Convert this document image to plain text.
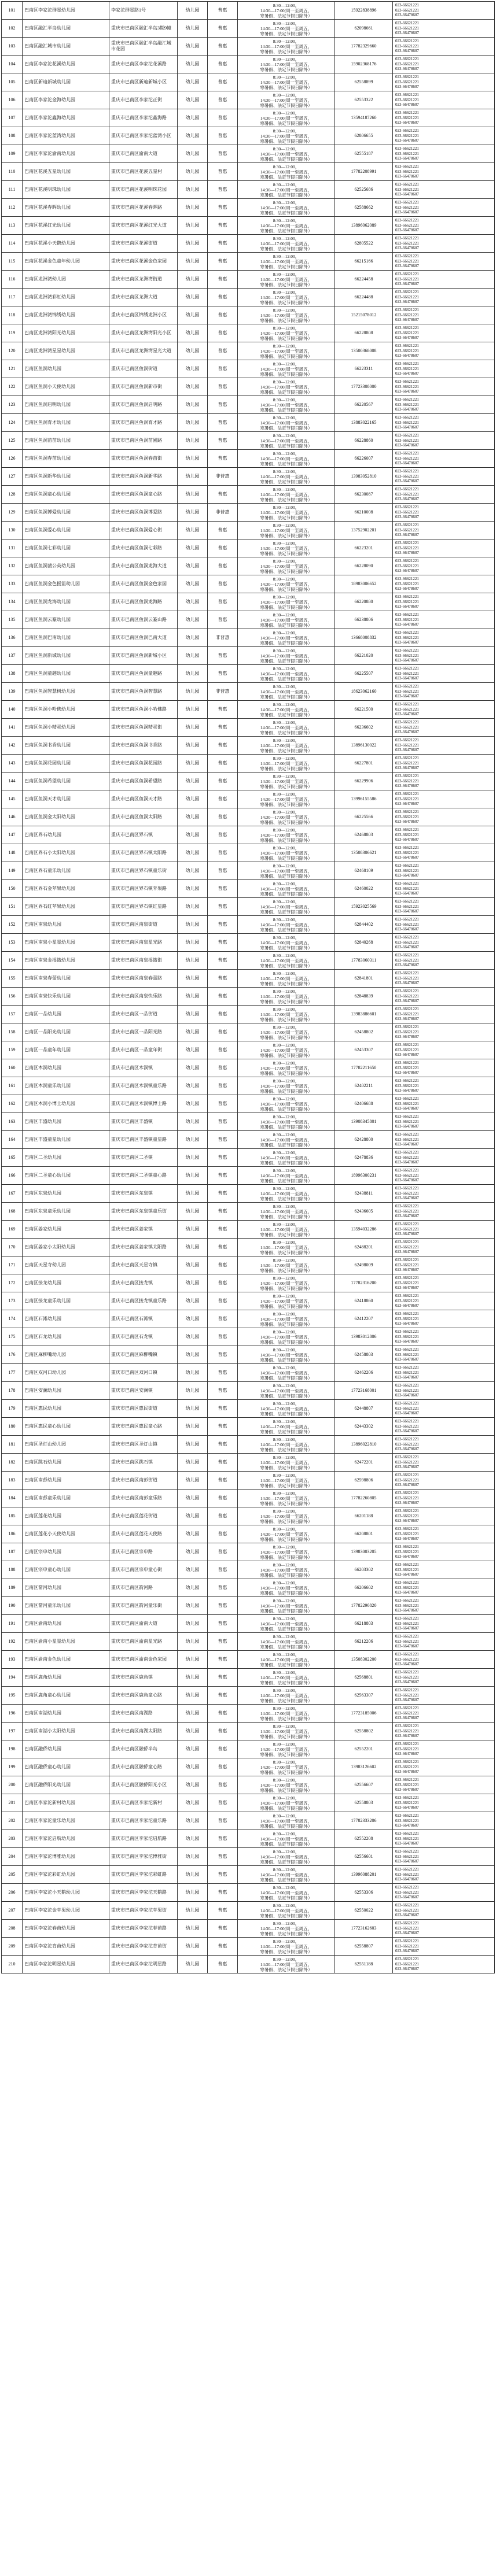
101	巴南区李家沱群星幼儿园	李家沱群星路1号	幼儿园	普惠	8:30—12:00，
14:30—17:00(周一至周五，
寒暑假、法定节假日除外）	15922838896	023-66621221
023-66621221
023-66478607

102	巴南区融汇半岛幼儿园	重庆市巴南区融汇半岛3期9幢	幼儿园	普惠	8:30—12:00，
14:30—17:00(周一至周五，
寒暑假、法定节假日除外）	62098661	023-66621221
023-66621221
023-66478607

103	巴南区融汇城市幼儿园	重庆市巴南区融汇半岛融汇城市花园	幼儿园	普惠	8:30—12:00，
14:30—17:00(周一至周五，
寒暑假、法定节假日除外）	17782329660	023-66621221
023-66621221
023-66478607

104	巴南区李家沱花溪幼儿园	重庆市巴南区李家沱花溪路	幼儿园	普惠	8:30—12:00，
14:30—17:00(周一至周五，
寒暑假、法定节假日除外）	15902368176	023-66621221
023-66621221
023-66478607

105	巴南区新迪新城幼儿园	重庆市巴南区新迪新城小区	幼儿园	普惠	8:30—12:00，
14:30—17:00(周一至周五，
寒暑假、法定节假日除外）	62558899	023-66621221
023-66621221
023-66478607

106	巴南区李家沱金海幼儿园	重庆市巴南区李家沱正街	幼儿园	普惠	8:30—12:00，
14:30—17:00(周一至周五，
寒暑假、法定节假日除外）	62553322	023-66621221
023-66621221
023-66478607

107	巴南区李家沱鑫海幼儿园	重庆市巴南区李家沱鑫海路	幼儿园	普惠	8:30—12:00，
14:30—17:00(周一至周五，
寒暑假、法定节假日除外）	13594187260	023-66621221
023-66621221
023-66478607

108	巴南区李家沱蓝湾幼儿园	重庆市巴南区李家沱蓝湾小区	幼儿园	普惠	8:30—12:00，
14:30—17:00(周一至周五，
寒暑假、法定节假日除外）	62806655	023-66621221
023-66621221
023-66478607

109	巴南区李家沱渝南幼儿园	重庆市巴南区渝南大道	幼儿园	普惠	8:30—12:00，
14:30—17:00(周一至周五，
寒暑假、法定节假日除外）	62555187	023-66621221
023-66621221
023-66478607

110	巴南区花溪五星幼儿园	重庆市巴南区花溪五星村	幼儿园	普惠	8:30—12:00，
14:30—17:00(周一至周五，
寒暑假、法定节假日除外）	17782208991	023-66621221
023-66621221
023-66478607

111	巴南区花溪明珠幼儿园	重庆市巴南区花溪明珠花园	幼儿园	普惠	8:30—12:00，
14:30—17:00(周一至周五，
寒暑假、法定节假日除外）	62525686	023-66621221
023-66621221
023-66478607

112	巴南区花溪春晖幼儿园	重庆市巴南区花溪春晖路	幼儿园	普惠	8:30—12:00，
14:30—17:00(周一至周五，
寒暑假、法定节假日除外）	62588662	023-66621221
023-66621221
023-66478607

113	巴南区花溪红光幼儿园	重庆市巴南区花溪红光大道	幼儿园	普惠	8:30—12:00，
14:30—17:00(周一至周五，
寒暑假、法定节假日除外）	13896062089	023-66621221
023-66621221
023-66478607

114	巴南区花溪小天鹅幼儿园	重庆市巴南区花溪街道	幼儿园	普惠	8:30—12:00，
14:30—17:00(周一至周五，
寒暑假、法定节假日除外）	62805522	023-66621221
023-66621221
023-66478607

115	巴南区花溪金色童年幼儿园	重庆市巴南区花溪金色家园	幼儿园	普惠	8:30—12:00，
14:30—17:00(周一至周五，
寒暑假、法定节假日除外）	66215166	023-66621221
023-66621221
023-66478607

116	巴南区龙洲湾幼儿园	重庆市巴南区龙洲湾街道	幼儿园	普惠	8:30—12:00，
14:30—17:00(周一至周五，
寒暑假、法定节假日除外）	66224458	023-66621221
023-66621221
023-66478607

117	巴南区龙洲湾彩虹幼儿园	重庆市巴南区龙洲大道	幼儿园	普惠	8:30—12:00，
14:30—17:00(周一至周五，
寒暑假、法定节假日除外）	66224488	023-66621221
023-66621221
023-66478607

118	巴南区龙洲湾锦绣幼儿园	重庆市巴南区锦绣龙洲小区	幼儿园	普惠	8:30—12:00，
14:30—17:00(周一至周五，
寒暑假、法定节假日除外）	15215078012	023-66621221
023-66621221
023-66478607

119	巴南区龙洲湾阳光幼儿园	重庆市巴南区龙洲湾阳光小区	幼儿园	普惠	8:30—12:00，
14:30—17:00(周一至周五，
寒暑假、法定节假日除外）	66228808	023-66621221
023-66621221
023-66478607

120	巴南区龙洲湾星星幼儿园	重庆市巴南区龙洲湾星光大道	幼儿园	普惠	8:30—12:00，
14:30—17:00(周一至周五，
寒暑假、法定节假日除外）	13500368008	023-66621221
023-66621221
023-66478607

121	巴南区鱼洞幼儿园	重庆市巴南区鱼洞街道	幼儿园	普惠	8:30—12:00，
14:30—17:00(周一至周五，
寒暑假、法定节假日除外）	66223311	023-66621221
023-66621221
023-66478607

122	巴南区鱼洞小天使幼儿园	重庆市巴南区鱼洞新市街	幼儿园	普惠	8:30—12:00，
14:30—17:00(周一至周五，
寒暑假、法定节假日除外）	17723308000	023-66621221
023-66621221
023-66478607

123	巴南区鱼洞启明幼儿园	重庆市巴南区鱼洞启明路	幼儿园	普惠	8:30—12:00，
14:30—17:00(周一至周五，
寒暑假、法定节假日除外）	66220567	023-66621221
023-66621221
023-66478607

124	巴南区鱼洞育才幼儿园	重庆市巴南区鱼洞育才路	幼儿园	普惠	8:30—12:00，
14:30—17:00(周一至周五，
寒暑假、法定节假日除外）	13883022165	023-66621221
023-66621221
023-66478607

125	巴南区鱼洞苗苗幼儿园	重庆市巴南区鱼洞苗圃路	幼儿园	普惠	8:30—12:00，
14:30—17:00(周一至周五，
寒暑假、法定节假日除外）	66228860	023-66621221
023-66621221
023-66478607

126	巴南区鱼洞春苗幼儿园	重庆市巴南区鱼洞春苗街	幼儿园	普惠	8:30—12:00，
14:30—17:00(周一至周五，
寒暑假、法定节假日除外）	66226007	023-66621221
023-66621221
023-66478607

127	巴南区鱼洞新华幼儿园	重庆市巴南区鱼洞新华路	幼儿园	非普惠	8:30—12:00，
14:30—17:00(周一至周五，
寒暑假、法定节假日除外）	13983052810	023-66621221
023-66621221
023-66478607

128	巴南区鱼洞童心幼儿园	重庆市巴南区鱼洞童心路	幼儿园	普惠	8:30—12:00，
14:30—17:00(周一至周五，
寒暑假、法定节假日除外）	66230087	023-66621221
023-66621221
023-66478607

129	巴南区鱼洞博爱幼儿园	重庆市巴南区鱼洞博爱路	幼儿园	非普惠	8:30—12:00，
14:30—17:00(周一至周五，
寒暑假、法定节假日除外）	66210008	023-66621221
023-66621221
023-66478607

130	巴南区鱼洞爱心幼儿园	重庆市巴南区鱼洞爱心街	幼儿园	普惠	8:30—12:00，
14:30—17:00(周一至周五，
寒暑假、法定节假日除外）	13752902201	023-66621221
023-66621221
023-66478607

131	巴南区鱼洞七彩幼儿园	重庆市巴南区鱼洞七彩路	幼儿园	普惠	8:30—12:00，
14:30—17:00(周一至周五，
寒暑假、法定节假日除外）	66223201	023-66621221
023-66621221
023-66478607

132	巴南区鱼洞蒲公英幼儿园	重庆市巴南区鱼洞龙海大道	幼儿园	普惠	8:30—12:00，
14:30—17:00(周一至周五，
寒暑假、法定节假日除外）	66228090	023-66621221
023-66621221
023-66478607

133	巴南区鱼洞金色摇篮幼儿园	重庆市巴南区鱼洞金色家园	幼儿园	普惠	8:30—12:00，
14:30—17:00(周一至周五，
寒暑假、法定节假日除外）	18983006652	023-66621221
023-66621221
023-66478607

134	巴南区鱼洞龙海幼儿园	重庆市巴南区鱼洞龙海路	幼儿园	普惠	8:30—12:00，
14:30—17:00(周一至周五，
寒暑假、法定节假日除外）	66220880	023-66621221
023-66621221
023-66478607

135	巴南区鱼洞云篆幼儿园	重庆市巴南区鱼洞云篆山路	幼儿园	普惠	8:30—12:00，
14:30—17:00(周一至周五，
寒暑假、法定节假日除外）	66238806	023-66621221
023-66621221
023-66478607

136	巴南区鱼洞巴南幼儿园	重庆市巴南区鱼洞巴南大道	幼儿园	非普惠	8:30—12:00，
14:30—17:00(周一至周五，
寒暑假、法定节假日除外）	13668008832	023-66621221
023-66621221
023-66478607

137	巴南区鱼洞新城幼儿园	重庆市巴南区鱼洞新城小区	幼儿园	普惠	8:30—12:00，
14:30—17:00(周一至周五，
寒暑假、法定节假日除外）	66221020	023-66621221
023-66621221
023-66478607

138	巴南区鱼洞童趣幼儿园	重庆市巴南区鱼洞童趣路	幼儿园	普惠	8:30—12:00，
14:30—17:00(周一至周五，
寒暑假、法定节假日除外）	66225507	023-66621221
023-66621221
023-66478607

139	巴南区鱼洞智慧树幼儿园	重庆市巴南区鱼洞智慧路	幼儿园	非普惠	8:30—12:00，
14:30—17:00(周一至周五，
寒暑假、法定节假日除外）	18623062160	023-66621221
023-66621221
023-66478607

140	巴南区鱼洞小哈佛幼儿园	重庆市巴南区鱼洞小哈佛路	幼儿园	普惠	8:30—12:00，
14:30—17:00(周一至周五，
寒暑假、法定节假日除外）	66221500	023-66621221
023-66621221
023-66478607

141	巴南区鱼洞小精灵幼儿园	重庆市巴南区鱼洞精灵街	幼儿园	普惠	8:30—12:00，
14:30—17:00(周一至周五，
寒暑假、法定节假日除外）	66236602	023-66621221
023-66621221
023-66478607

142	巴南区鱼洞书香幼儿园	重庆市巴南区鱼洞书香路	幼儿园	普惠	8:30—12:00，
14:30—17:00(周一至周五，
寒暑假、法定节假日除外）	13896130022	023-66621221
023-66621221
023-66478607

143	巴南区鱼洞花园幼儿园	重庆市巴南区鱼洞花园路	幼儿园	普惠	8:30—12:00，
14:30—17:00(周一至周五，
寒暑假、法定节假日除外）	66227801	023-66621221
023-66621221
023-66478607

144	巴南区鱼洞希望幼儿园	重庆市巴南区鱼洞希望路	幼儿园	普惠	8:30—12:00，
14:30—17:00(周一至周五，
寒暑假、法定节假日除外）	66229906	023-66621221
023-66621221
023-66478607

145	巴南区鱼洞天才幼儿园	重庆市巴南区鱼洞天才路	幼儿园	普惠	8:30—12:00，
14:30—17:00(周一至周五，
寒暑假、法定节假日除外）	13996155586	023-66621221
023-66621221
023-66478607

146	巴南区鱼洞金太阳幼儿园	重庆市巴南区鱼洞太阳路	幼儿园	普惠	8:30—12:00，
14:30—17:00(周一至周五，
寒暑假、法定节假日除外）	66225566	023-66621221
023-66621221
023-66478607

147	巴南区界石幼儿园	重庆市巴南区界石镇	幼儿园	普惠	8:30—12:00，
14:30—17:00(周一至周五，
寒暑假、法定节假日除外）	62468803	023-66621221
023-66621221
023-66478607

148	巴南区界石小太阳幼儿园	重庆市巴南区界石镇太阳路	幼儿园	普惠	8:30—12:00，
14:30—17:00(周一至周五，
寒暑假、法定节假日除外）	13508306621	023-66621221
023-66621221
023-66478607

149	巴南区界石童乐幼儿园	重庆市巴南区界石镇童乐街	幼儿园	普惠	8:30—12:00，
14:30—17:00(周一至周五，
寒暑假、法定节假日除外）	62468109	023-66621221
023-66621221
023-66478607

150	巴南区界石金苹果幼儿园	重庆市巴南区界石镇苹果路	幼儿园	普惠	8:30—12:00，
14:30—17:00(周一至周五，
寒暑假、法定节假日除外）	62460022	023-66621221
023-66621221
023-66478607

151	巴南区界石红苹果幼儿园	重庆市巴南区界石镇红星路	幼儿园	普惠	8:30—12:00，
14:30—17:00(周一至周五，
寒暑假、法定节假日除外）	15923025569	023-66621221
023-66621221
023-66478607

152	巴南区南泉幼儿园	重庆市巴南区南泉街道	幼儿园	普惠	8:30—12:00，
14:30—17:00(周一至周五，
寒暑假、法定节假日除外）	62844402	023-66621221
023-66621221
023-66478607

153	巴南区南泉小星星幼儿园	重庆市巴南区南泉星光路	幼儿园	普惠	8:30—12:00，
14:30—17:00(周一至周五，
寒暑假、法定节假日除外）	62840268	023-66621221
023-66621221
023-66478607

154	巴南区南泉金摇篮幼儿园	重庆市巴南区南泉摇篮街	幼儿园	普惠	8:30—12:00，
14:30—17:00(周一至周五，
寒暑假、法定节假日除外）	17783060311	023-66621221
023-66621221
023-66478607

155	巴南区南泉春蕾幼儿园	重庆市巴南区南泉春蕾路	幼儿园	普惠	8:30—12:00，
14:30—17:00(周一至周五，
寒暑假、法定节假日除外）	62841801	023-66621221
023-66621221
023-66478607

156	巴南区南泉快乐幼儿园	重庆市巴南区南泉快乐路	幼儿园	普惠	8:30—12:00，
14:30—17:00(周一至周五，
寒暑假、法定节假日除外）	62848839	023-66621221
023-66621221
023-66478607

157	巴南区一品幼儿园	重庆市巴南区一品街道	幼儿园	普惠	8:30—12:00，
14:30—17:00(周一至周五，
寒暑假、法定节假日除外）	13983886601	023-66621221
023-66621221
023-66478607

158	巴南区一品阳光幼儿园	重庆市巴南区一品阳光路	幼儿园	普惠	8:30—12:00，
14:30—17:00(周一至周五，
寒暑假、法定节假日除外）	62458802	023-66621221
023-66621221
023-66478607

159	巴南区一品童年幼儿园	重庆市巴南区一品童年街	幼儿园	普惠	8:30—12:00，
14:30—17:00(周一至周五，
寒暑假、法定节假日除外）	62453307	023-66621221
023-66621221
023-66478607

160	巴南区木洞幼儿园	重庆市巴南区木洞镇	幼儿园	普惠	8:30—12:00，
14:30—17:00(周一至周五，
寒暑假、法定节假日除外）	17782211650	023-66621221
023-66621221
023-66478607

161	巴南区木洞童乐幼儿园	重庆市巴南区木洞镇童乐路	幼儿园	普惠	8:30—12:00，
14:30—17:00(周一至周五，
寒暑假、法定节假日除外）	62402211	023-66621221
023-66621221
023-66478607

162	巴南区木洞小博士幼儿园	重庆市巴南区木洞镇博士路	幼儿园	普惠	8:30—12:00，
14:30—17:00(周一至周五，
寒暑假、法定节假日除外）	62406688	023-66621221
023-66621221
023-66478607

163	巴南区丰盛幼儿园	重庆市巴南区丰盛镇	幼儿园	普惠	8:30—12:00，
14:30—17:00(周一至周五，
寒暑假、法定节假日除外）	13908345801	023-66621221
023-66621221
023-66478607

164	巴南区丰盛童星幼儿园	重庆市巴南区丰盛镇童星路	幼儿园	普惠	8:30—12:00，
14:30—17:00(周一至周五，
寒暑假、法定节假日除外）	62428800	023-66621221
023-66621221
023-66478607

165	巴南区二圣幼儿园	重庆市巴南区二圣镇	幼儿园	普惠	8:30—12:00，
14:30—17:00(周一至周五，
寒暑假、法定节假日除外）	62478836	023-66621221
023-66621221
023-66478607

166	巴南区二圣童心幼儿园	重庆市巴南区二圣镇童心路	幼儿园	普惠	8:30—12:00，
14:30—17:00(周一至周五，
寒暑假、法定节假日除外）	18996300231	023-66621221
023-66621221
023-66478607

167	巴南区东泉幼儿园	重庆市巴南区东泉镇	幼儿园	普惠	8:30—12:00，
14:30—17:00(周一至周五，
寒暑假、法定节假日除外）	62438811	023-66621221
023-66621221
023-66478607

168	巴南区东泉童乐幼儿园	重庆市巴南区东泉镇童乐街	幼儿园	普惠	8:30—12:00，
14:30—17:00(周一至周五，
寒暑假、法定节假日除外）	62436605	023-66621221
023-66621221
023-66478607

169	巴南区姜家幼儿园	重庆市巴南区姜家镇	幼儿园	普惠	8:30—12:00，
14:30—17:00(周一至周五，
寒暑假、法定节假日除外）	13594032286	023-66621221
023-66621221
023-66478607

170	巴南区姜家小太阳幼儿园	重庆市巴南区姜家镇太阳路	幼儿园	普惠	8:30—12:00，
14:30—17:00(周一至周五，
寒暑假、法定节假日除外）	62488201	023-66621221
023-66621221
023-66478607

171	巴南区天星寺幼儿园	重庆市巴南区天星寺镇	幼儿园	普惠	8:30—12:00，
14:30—17:00(周一至周五，
寒暑假、法定节假日除外）	62498009	023-66621221
023-66621221
023-66478607

172	巴南区接龙幼儿园	重庆市巴南区接龙镇	幼儿园	普惠	8:30—12:00，
14:30—17:00(周一至周五，
寒暑假、法定节假日除外）	17782316200	023-66621221
023-66621221
023-66478607

173	巴南区接龙童乐幼儿园	重庆市巴南区接龙镇童乐路	幼儿园	普惠	8:30—12:00，
14:30—17:00(周一至周五，
寒暑假、法定节假日除外）	62418860	023-66621221
023-66621221
023-66478607

174	巴南区石滩幼儿园	重庆市巴南区石滩镇	幼儿园	普惠	8:30—12:00，
14:30—17:00(周一至周五，
寒暑假、法定节假日除外）	62412207	023-66621221
023-66621221
023-66478607

175	巴南区石龙幼儿园	重庆市巴南区石龙镇	幼儿园	普惠	8:30—12:00，
14:30—17:00(周一至周五，
寒暑假、法定节假日除外）	13983012806	023-66621221
023-66621221
023-66478607

176	巴南区麻柳嘴幼儿园	重庆市巴南区麻柳嘴镇	幼儿园	普惠	8:30—12:00，
14:30—17:00(周一至周五，
寒暑假、法定节假日除外）	62458803	023-66621221
023-66621221
023-66478607

177	巴南区双河口幼儿园	重庆市巴南区双河口镇	幼儿园	普惠	8:30—12:00，
14:30—17:00(周一至周五，
寒暑假、法定节假日除外）	62462206	023-66621221
023-66621221
023-66478607

178	巴南区安澜幼儿园	重庆市巴南区安澜镇	幼儿园	普惠	8:30—12:00，
14:30—17:00(周一至周五，
寒暑假、法定节假日除外）	17723168001	023-66621221
023-66621221
023-66478607

179	巴南区惠民幼儿园	重庆市巴南区惠民街道	幼儿园	普惠	8:30—12:00，
14:30—17:00(周一至周五，
寒暑假、法定节假日除外）	62448807	023-66621221
023-66621221
023-66478607

180	巴南区惠民童心幼儿园	重庆市巴南区惠民童心路	幼儿园	普惠	8:30—12:00，
14:30—17:00(周一至周五，
寒暑假、法定节假日除外）	62443302	023-66621221
023-66621221
023-66478607

181	巴南区圣灯山幼儿园	重庆市巴南区圣灯山镇	幼儿园	普惠	8:30—12:00，
14:30—17:00(周一至周五，
寒暑假、法定节假日除外）	13896022810	023-66621221
023-66621221
023-66478607

182	巴南区跳石幼儿园	重庆市巴南区跳石镇	幼儿园	普惠	8:30—12:00，
14:30—17:00(周一至周五，
寒暑假、法定节假日除外）	62472201	023-66621221
023-66621221
023-66478607

183	巴南区南彭幼儿园	重庆市巴南区南彭街道	幼儿园	普惠	8:30—12:00，
14:30—17:00(周一至周五，
寒暑假、法定节假日除外）	62598806	023-66621221
023-66621221
023-66478607

184	巴南区南彭童乐幼儿园	重庆市巴南区南彭童乐路	幼儿园	普惠	8:30—12:00，
14:30—17:00(周一至周五，
寒暑假、法定节假日除外）	17782260805	023-66621221
023-66621221
023-66478607

185	巴南区莲花幼儿园	重庆市巴南区莲花街道	幼儿园	普惠	8:30—12:00，
14:30—17:00(周一至周五，
寒暑假、法定节假日除外）	66201188	023-66621221
023-66621221
023-66478607

186	巴南区莲花小天使幼儿园	重庆市巴南区莲花天使路	幼儿园	普惠	8:30—12:00，
14:30—17:00(周一至周五，
寒暑假、法定节假日除外）	66208801	023-66621221
023-66621221
023-66478607

187	巴南区宗申幼儿园	重庆市巴南区宗申路	幼儿园	普惠	8:30—12:00，
14:30—17:00(周一至周五，
寒暑假、法定节假日除外）	13983003205	023-66621221
023-66621221
023-66478607

188	巴南区宗申童心幼儿园	重庆市巴南区宗申童心街	幼儿园	普惠	8:30—12:00，
14:30—17:00(周一至周五，
寒暑假、法定节假日除外）	66203302	023-66621221
023-66621221
023-66478607

189	巴南区箭河幼儿园	重庆市巴南区箭河路	幼儿园	普惠	8:30—12:00，
14:30—17:00(周一至周五，
寒暑假、法定节假日除外）	66206602	023-66621221
023-66621221
023-66478607

190	巴南区箭河童乐幼儿园	重庆市巴南区箭河童乐街	幼儿园	普惠	8:30—12:00，
14:30—17:00(周一至周五，
寒暑假、法定节假日除外）	17782290820	023-66621221
023-66621221
023-66478607

191	巴南区渝南幼儿园	重庆市巴南区渝南大道	幼儿园	普惠	8:30—12:00，
14:30—17:00(周一至周五，
寒暑假、法定节假日除外）	66218803	023-66621221
023-66621221
023-66478607

192	巴南区渝南小星星幼儿园	重庆市巴南区渝南星光路	幼儿园	普惠	8:30—12:00，
14:30—17:00(周一至周五，
寒暑假、法定节假日除外）	66212206	023-66621221
023-66621221
023-66478607

193	巴南区渝南金色幼儿园	重庆市巴南区渝南金色家园	幼儿园	普惠	8:30—12:00，
14:30—17:00(周一至周五，
寒暑假、法定节假日除外）	13508302200	023-66621221
023-66621221
023-66478607

194	巴南区鹿角幼儿园	重庆市巴南区鹿角镇	幼儿园	普惠	8:30—12:00，
14:30—17:00(周一至周五，
寒暑假、法定节假日除外）	62568801	023-66621221
023-66621221
023-66478607

195	巴南区鹿角童心幼儿园	重庆市巴南区鹿角童心路	幼儿园	普惠	8:30—12:00，
14:30—17:00(周一至周五，
寒暑假、法定节假日除外）	62563307	023-66621221
023-66621221
023-66478607

196	巴南区南湖幼儿园	重庆市巴南区南湖路	幼儿园	普惠	8:30—12:00，
14:30—17:00(周一至周五，
寒暑假、法定节假日除外）	17723185006	023-66621221
023-66621221
023-66478607

197	巴南区南湖小太阳幼儿园	重庆市巴南区南湖太阳路	幼儿园	普惠	8:30—12:00，
14:30—17:00(周一至周五，
寒暑假、法定节假日除外）	62558802	023-66621221
023-66621221
023-66478607

198	巴南区融侨幼儿园	重庆市巴南区融侨半岛	幼儿园	普惠	8:30—12:00，
14:30—17:00(周一至周五，
寒暑假、法定节假日除外）	62552201	023-66621221
023-66621221
023-66478607

199	巴南区融侨童心幼儿园	重庆市巴南区融侨童心路	幼儿园	普惠	8:30—12:00，
14:30—17:00(周一至周五，
寒暑假、法定节假日除外）	13983126602	023-66621221
023-66621221
023-66478607

200	巴南区融侨阳光幼儿园	重庆市巴南区融侨阳光小区	幼儿园	普惠	8:30—12:00，
14:30—17:00(周一至周五，
寒暑假、法定节假日除外）	62556607	023-66621221
023-66621221
023-66478607

201	巴南区李家沱新村幼儿园	重庆市巴南区李家沱新村	幼儿园	普惠	8:30—12:00，
14:30—17:00(周一至周五，
寒暑假、法定节假日除外）	62558803	023-66621221
023-66621221
023-66478607

202	巴南区李家沱童乐幼儿园	重庆市巴南区李家沱童乐路	幼儿园	普惠	8:30—12:00，
14:30—17:00(周一至周五，
寒暑假、法定节假日除外）	17782333206	023-66621221
023-66621221
023-66478607

203	巴南区李家沱启航幼儿园	重庆市巴南区李家沱启航路	幼儿园	普惠	8:30—12:00，
14:30—17:00(周一至周五，
寒暑假、法定节假日除外）	62552208	023-66621221
023-66621221
023-66478607

204	巴南区李家沱博雅幼儿园	重庆市巴南区李家沱博雅街	幼儿园	普惠	8:30—12:00，
14:30—17:00(周一至周五，
寒暑假、法定节假日除外）	62556601	023-66621221
023-66621221
023-66478607

205	巴南区李家沱彩虹幼儿园	重庆市巴南区李家沱彩虹路	幼儿园	普惠	8:30—12:00，
14:30—17:00(周一至周五，
寒暑假、法定节假日除外）	13996088201	023-66621221
023-66621221
023-66478607

206	巴南区李家沱小天鹅幼儿园	重庆市巴南区李家沱天鹅路	幼儿园	普惠	8:30—12:00，
14:30—17:00(周一至周五，
寒暑假、法定节假日除外）	62553306	023-66621221
023-66621221
023-66478607

207	巴南区李家沱金苹果幼儿园	重庆市巴南区李家沱苹果街	幼儿园	普惠	8:30—12:00，
14:30—17:00(周一至周五，
寒暑假、法定节假日除外）	62550022	023-66621221
023-66621221
023-66478607

208	巴南区李家沱春苗幼儿园	重庆市巴南区李家沱春苗路	幼儿园	普惠	8:30—12:00，
14:30—17:00(周一至周五，
寒暑假、法定节假日除外）	17723162603	023-66621221
023-66621221
023-66478607

209	巴南区李家沱育苗幼儿园	重庆市巴南区李家沱育苗街	幼儿园	普惠	8:30—12:00，
14:30—17:00(周一至周五，
寒暑假、法定节假日除外）	62558807	023-66621221
023-66621221
023-66478607

210	巴南区李家沱明星幼儿园	重庆市巴南区李家沱明星路	幼儿园	普惠	8:30—12:00，
14:30—17:00(周一至周五，
寒暑假、法定节假日除外）	62551188	023-66621221
023-66621221
023-66478607
